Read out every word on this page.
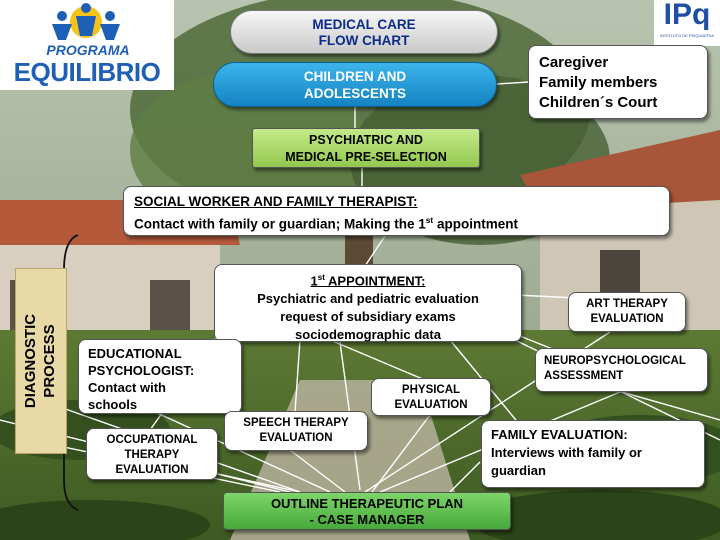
PROGRAMA
EQUILIBRIO
IPq
INSTITUTO DE PSIQUIATRIA
MEDICAL CARE
FLOW CHART
CHILDREN AND
ADOLESCENTS
Caregiver
Family members
Children´s Court
PSYCHIATRIC AND
MEDICAL PRE-SELECTION
SOCIAL WORKER AND FAMILY THERAPIST:
Contact with family or guardian; Making the 1st appointment
1st APPOINTMENT:
Psychiatric and pediatric evaluation
request of subsidiary exams
sociodemographic data
DIAGNOSTIC PROCESS
ART THERAPY
EVALUATION
NEUROPSYCHOLOGICAL
ASSESSMENT
EDUCATIONAL
PSYCHOLOGIST:
Contact with
schools
PHYSICAL
EVALUATION
SPEECH THERAPY
EVALUATION
OCCUPATIONAL
THERAPY
EVALUATION
FAMILY EVALUATION:
Interviews with family or
guardian
OUTLINE THERAPEUTIC PLAN
- CASE MANAGER
